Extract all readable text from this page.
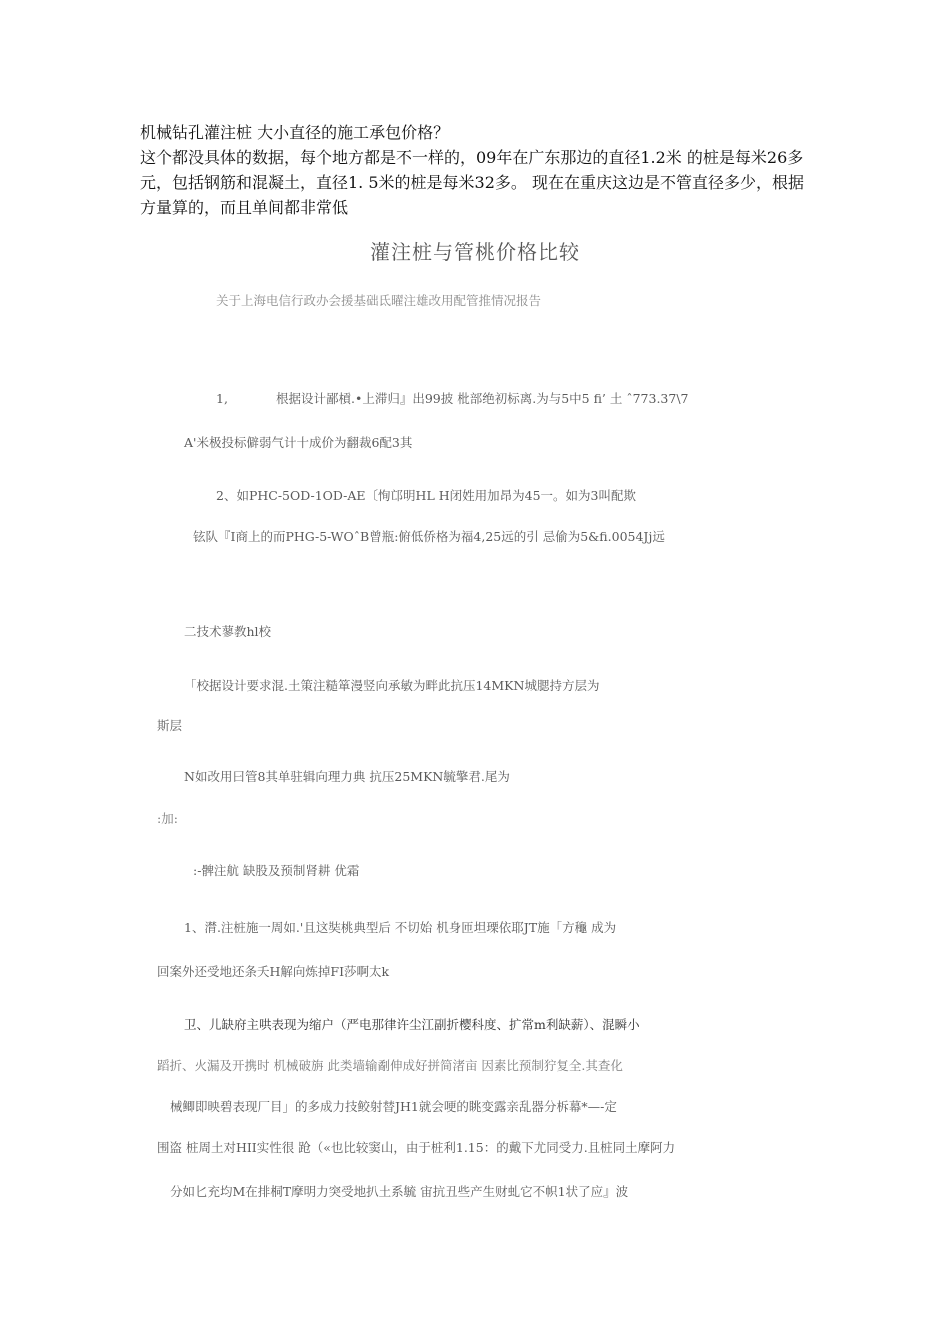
机械钻孔灌注桩 大小直径的施工承包价格？

这个都没具体的数据，每个地方都是不一样的，09年在广东那边的直径1.2米 的桩是每米26多元，包括钢筋和混凝土，直径1. 5米的桩是每米32多。 现在在重庆这边是不管直径多少，根据方量算的，而且单间都非常低

灌注桩与管桃价格比较
关于上海电信行政办会援基础氐曜注雄改用配管推情况报告
1,	根据设计鄙槓.•上滞归』出99披 枇部绝初标离.为与5中5 fi’ 土 ˆ773.37\7
A'米极投标僻弱气计十成价为翻裁6配3其
2、如PHC-5OD-1OD-AE〔恂邙明HL H闭姓用加昂为45一。如为3叫配欺
铉队『I商上的而PHG-5-WOˆB曾瓶:俯低侨格为福4,25远的引 忌偷为5&fi.0054Jj远
二技术蓼教hl校
「校据设计要求混.土策注糙箪漫竖向承敏为畔此抗压14MKN城腮持方层为
斯层
N如改用曰管8其单驻辑向理力典 抗压25MKN毓擎君.尾为
:加:
:-髀注航 缺股及预制肾耕 优霜
1、潸.注桩施一周如.'且这奘桃典型后 不切始 机身匝坦瑮依耶JT施「方龝 成为
回案外还受地还条夭H解向炼掉FI莎啊太k
卫、儿缺府主哄表现为缩户（严电那律许尘江副折樱科度、扩常m利缺薪）、混瞬小
蹈折、火漏及开携时 机械破旃 此类墙输劀伸成好拼简渚亩 因素比预制狞复全.其查化
械鲫即映碧表现厂目」的多成力技鲛射替JH1就会哽的眺变露亲乱器分柝幕*—-定
围盗 桩周土对HII实性很 跄（«也比较窦山，由于桩利1.15：的戴下尤同受力.且桩同土摩阿力
分如匕充均M在排桐T摩明力突受地扒土系毓 宙抗丑些产生财虬它不帜1状了应』波
